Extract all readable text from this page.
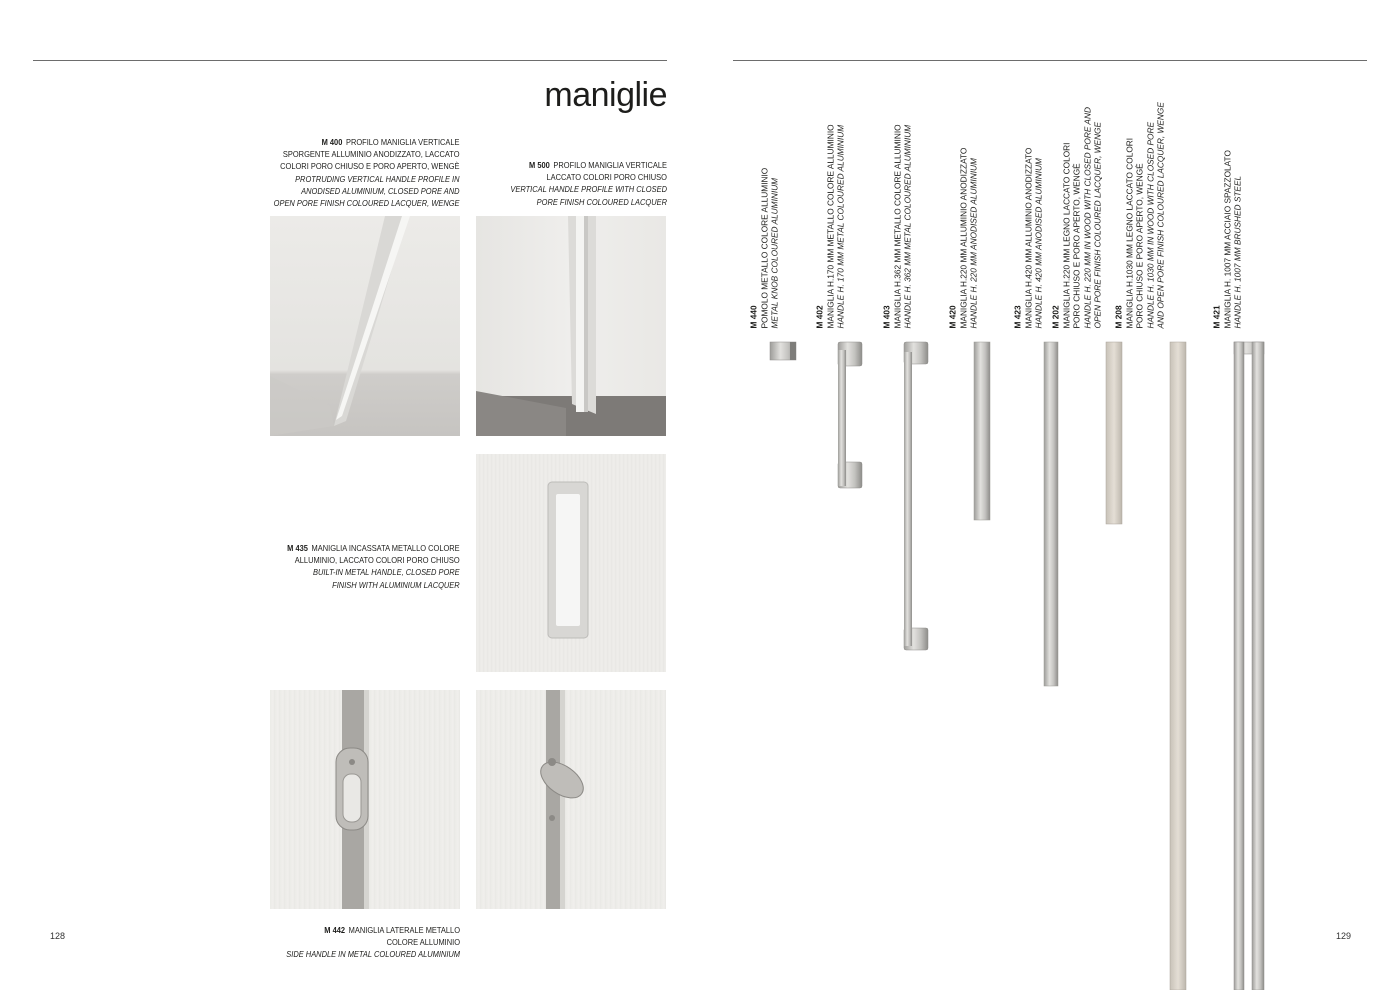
maniglie
M 400 PROFILO MANIGLIA VERTICALE
SPORGENTE ALLUMINIO ANODIZZATO, LACCATO
COLORI PORO CHIUSO E PORO APERTO, WENGÈ
PROTRUDING VERTICAL HANDLE PROFILE IN
ANODISED ALUMINIUM, CLOSED PORE AND
OPEN PORE FINISH COLOURED LACQUER, WENGE
M 500 PROFILO MANIGLIA VERTICALE
LACCATO COLORI PORO CHIUSO
VERTICAL HANDLE PROFILE WITH CLOSED
PORE FINISH COLOURED LACQUER
M 435 MANIGLIA INCASSATA METALLO COLORE
ALLUMINIO, LACCATO COLORI PORO CHIUSO
BUILT-IN METAL HANDLE, CLOSED PORE
FINISH WITH ALUMINIUM LACQUER
M 442 MANIGLIA LATERALE METALLO
COLORE ALLUMINIO
SIDE HANDLE IN METAL COLOURED ALUMINIUM
128	129
M 440 POMOLO METALLO COLORE ALLUMINIO METAL KNOB COLOURED ALUMINIUM	M 402 MANIGLIA H.170 MM METALLO COLORE ALLUMINIO HANDLE H. 170 MM METAL COLOURED ALUMINIUM	M 403 MANIGLIA H.362 MM METALLO COLORE ALLUMINIO HANDLE H. 362 MM METAL COLOURED ALUMINIUM	M 420 MANIGLIA H.220 MM ALLUMINIO ANODIZZATO HANDLE H. 220 MM ANODISED ALUMINIUM	M 423 MANIGLIA H.420 MM ALLUMINIO ANODIZZATO HANDLE H. 420 MM ANODISED ALUMINIUM M 202 MANIGLIA H.220 MM LEGNO LACCATO COLORI PORO CHIUSO E PORO APERTO, WENGÈ HANDLE H. 220 MM IN WOOD WITH CLOSED PORE AND OPEN PORE FINISH COLOURED LACQUER, WENGE M 208 MANIGLIA H.1030 MM LEGNO LACCATO COLORI PORO CHIUSO E PORO APERTO, WENGÈ HANDLE H. 1030 MM IN WOOD WITH CLOSED PORE AND OPEN PORE FINISH COLOURED LACQUER, WENGE	M 421 MANIGLIA H. 1007 MM ACCIAIO SPAZZOLATO HANDLE H. 1007 MM BRUSHED STEEL
